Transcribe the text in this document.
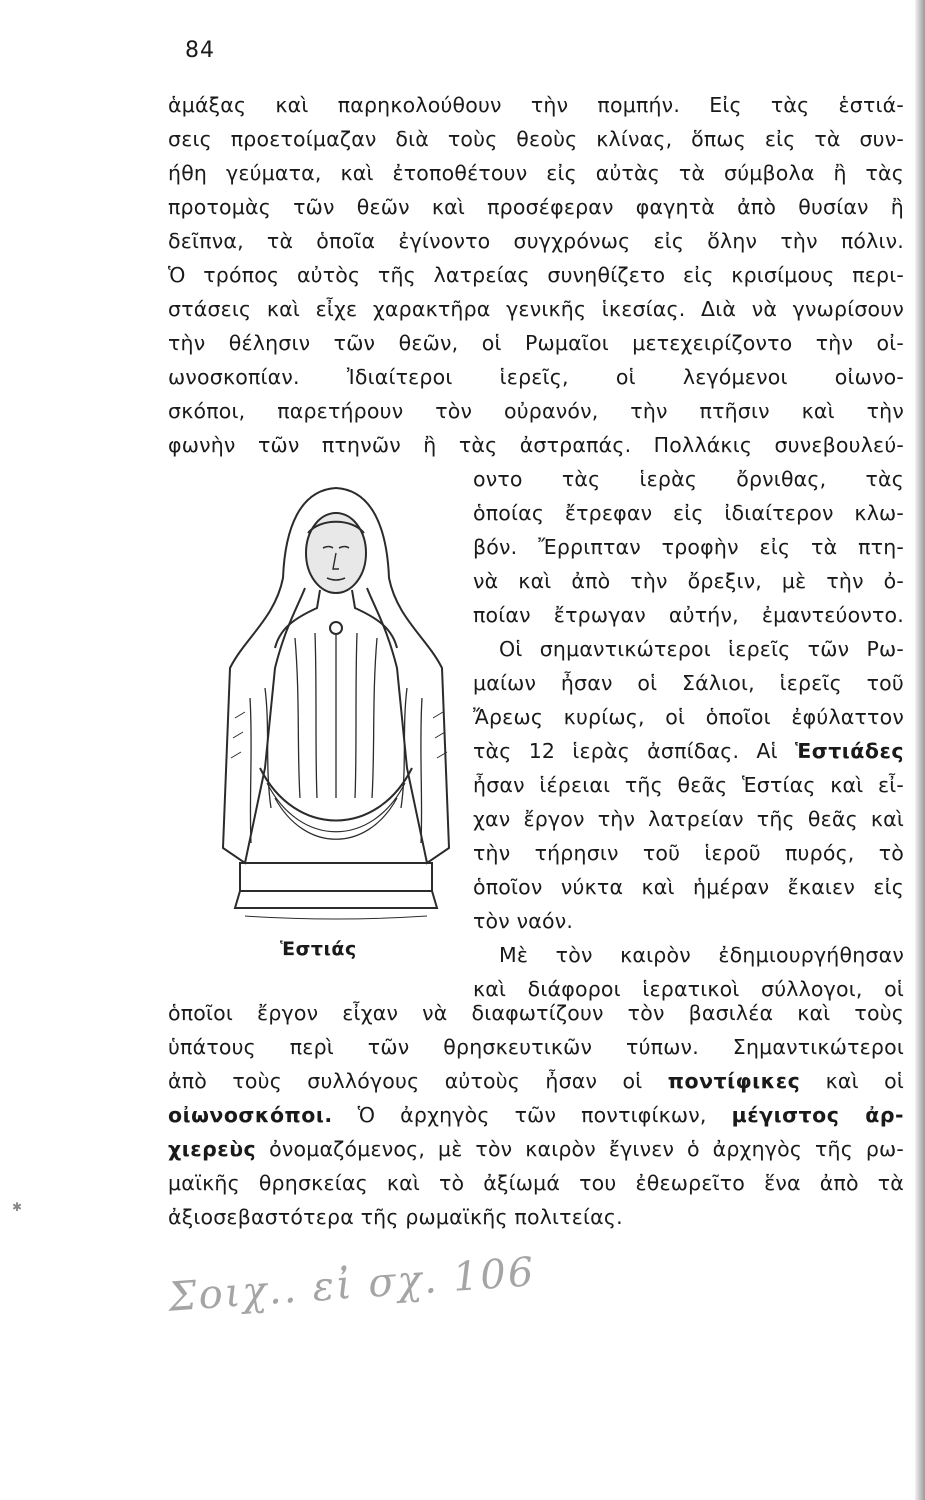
84
ἁμάξας καὶ παρηκολούθουν τὴν πομπήν. Εἰς τὰς ἑστιά-
σεις προετοίμαζαν διὰ τοὺς θεοὺς κλίνας, ὅπως εἰς τὰ συν-
ήθη γεύματα, καὶ ἐτοποθέτουν εἰς αὐτὰς τὰ σύμβολα ἢ τὰς
προτομὰς τῶν θεῶν καὶ προσέφεραν φαγητὰ ἀπὸ θυσίαν ἢ
δεῖπνα, τὰ ὁποῖα ἐγίνοντο συγχρόνως εἰς ὅλην τὴν πόλιν.
Ὁ τρόπος αὐτὸς τῆς λατρείας συνηθίζετο εἰς κρισίμους περι-
στάσεις καὶ εἶχε χαρακτῆρα γενικῆς ἱκεσίας. Διὰ νὰ γνωρίσουν
τὴν θέλησιν τῶν θεῶν, οἱ Ρωμαῖοι μετεχειρίζοντο τὴν οἰ-
ωνοσκοπίαν. Ἰδιαίτεροι ἱερεῖς, οἱ λεγόμενοι οἰωνο-
σκόποι, παρετήρουν τὸν οὐρανόν, τὴν πτῆσιν καὶ τὴν
φωνὴν τῶν πτηνῶν ἢ τὰς ἀστραπάς. Πολλάκις συνεβουλεύ-
οντο τὰς ἱερὰς ὄρνιθας, τὰς
ὁποίας ἔτρεφαν εἰς ἰδιαίτερον κλω-
βόν. Ἔρριπταν τροφὴν εἰς τὰ πτη-
νὰ καὶ ἀπὸ τὴν ὄρεξιν, μὲ τὴν ὀ-
ποίαν ἔτρωγαν αὐτήν, ἐμαντεύοντο.
Οἱ σημαντικώτεροι ἱερεῖς τῶν Ρω-
μαίων ἦσαν οἱ Σάλιοι, ἱερεῖς τοῦ
Ἄρεως κυρίως, οἱ ὁποῖοι ἐφύλαττον
τὰς 12 ἱερὰς ἀσπίδας. Αἱ Ἑστιάδες
ἦσαν ἱέρειαι τῆς θεᾶς Ἑστίας καὶ εἶ-
χαν ἔργον τὴν λατρείαν τῆς θεᾶς καὶ
τὴν τήρησιν τοῦ ἱεροῦ πυρός, τὸ
ὁποῖον νύκτα καὶ ἡμέραν ἔκαιεν εἰς
τὸν ναόν.
Μὲ τὸν καιρὸν ἐδημιουργήθησαν
καὶ διάφοροι ἱερατικοὶ σύλλογοι, οἱ
Ἑστιάς
ὁποῖοι ἔργον εἶχαν νὰ διαφωτίζουν τὸν βασιλέα καὶ τοὺς
ὑπάτους περὶ τῶν θρησκευτικῶν τύπων. Σημαντικώτεροι
ἀπὸ τοὺς συλλόγους αὐτοὺς ἦσαν οἱ ποντίφικες καὶ οἱ
οἰωνοσκόποι. Ὁ ἀρχηγὸς τῶν ποντιφίκων, μέγιστος ἀρ-
χιερεὺς ὀνομαζόμενος, μὲ τὸν καιρὸν ἔγινεν ὁ ἀρχηγὸς τῆς ρω-
μαϊκῆς θρησκείας καὶ τὸ ἀξίωμά του ἐθεωρεῖτο ἕνα ἀπὸ τὰ
ἀξιοσεβαστότερα τῆς ρωμαϊκῆς πολιτείας.
Σοιχ.. εἰ σχ. 106
✱
